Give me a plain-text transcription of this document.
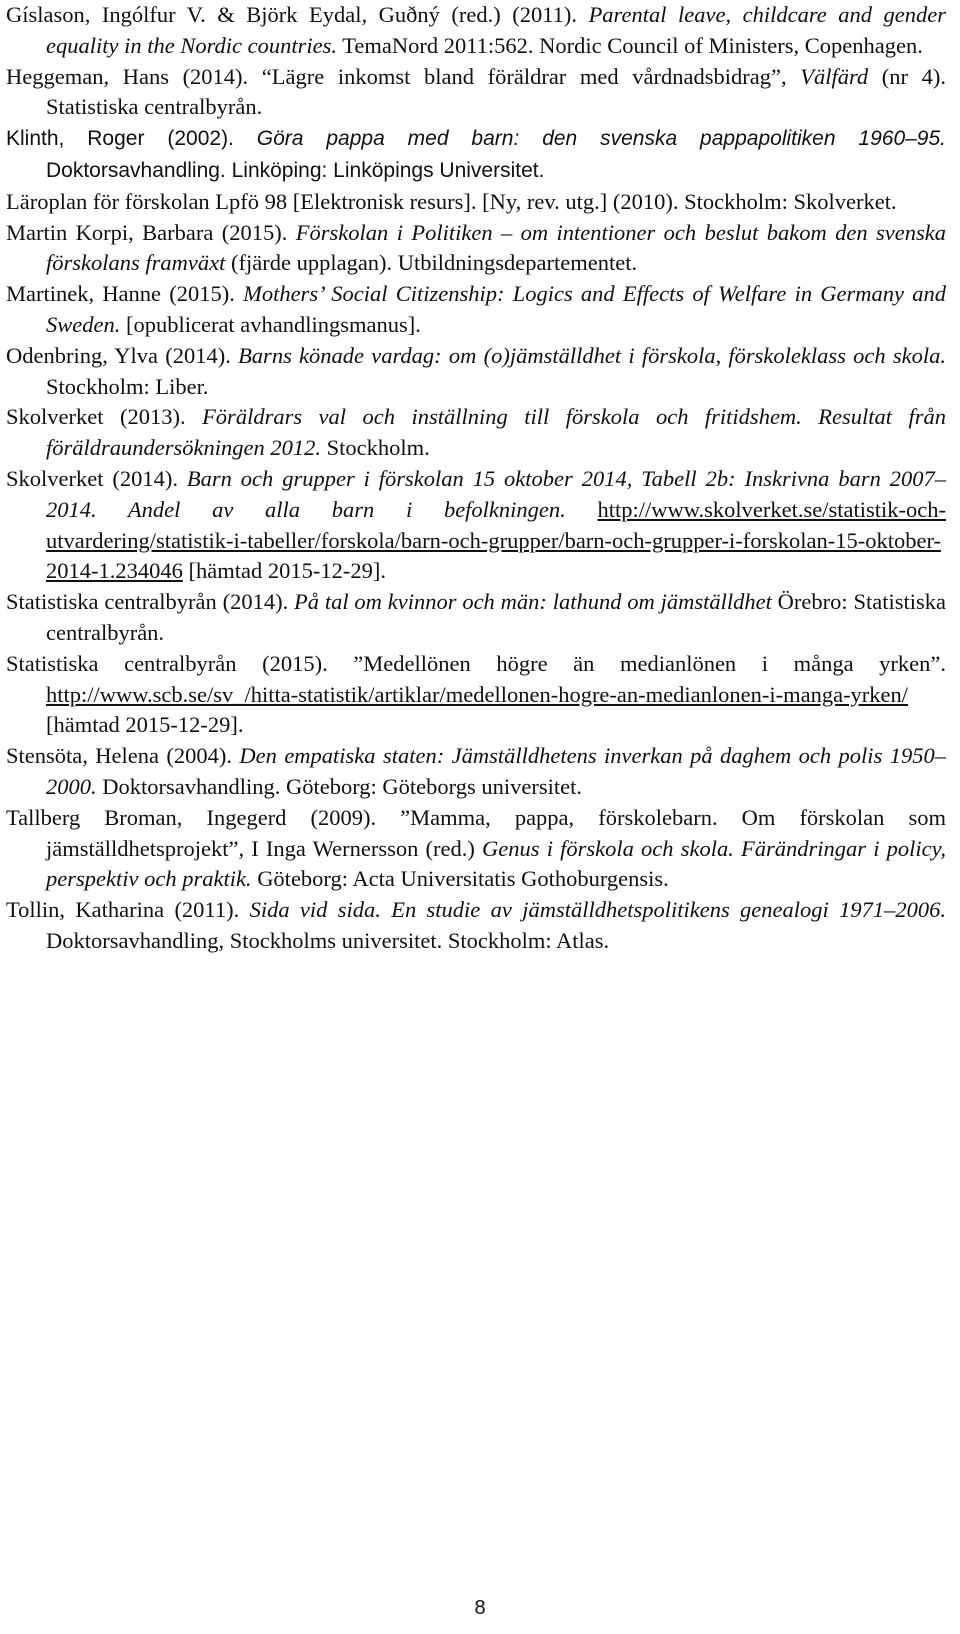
Gíslason, Ingólfur V. & Björk Eydal, Guðný (red.) (2011). Parental leave, childcare and gender equality in the Nordic countries. TemaNord 2011:562. Nordic Council of Ministers, Copenhagen.
Heggeman, Hans (2014). “Lägre inkomst bland föräldrar med vårdnadsbidrag”, Välfärd (nr 4). Statistiska centralbyrån.
Klinth, Roger (2002). Göra pappa med barn: den svenska pappapolitiken 1960–95. Doktorsavhandling. Linköping: Linköpings Universitet.
Läroplan för förskolan Lpfö 98 [Elektronisk resurs]. [Ny, rev. utg.] (2010). Stockholm: Skolverket.
Martin Korpi, Barbara (2015). Förskolan i Politiken – om intentioner och beslut bakom den svenska förskolans framväxt (fjärde upplagan). Utbildningsdepartementet.
Martinek, Hanne (2015). Mothers’ Social Citizenship: Logics and Effects of Welfare in Germany and Sweden. [opublicerat avhandlingsmanus].
Odenbring, Ylva (2014). Barns könade vardag: om (o)jämställdhet i förskola, förskoleklass och skola. Stockholm: Liber.
Skolverket (2013). Föräldrars val och inställning till förskola och fritidshem. Resultat från föräldraundersökningen 2012. Stockholm.
Skolverket (2014). Barn och grupper i förskolan 15 oktober 2014, Tabell 2b: Inskrivna barn 2007–2014. Andel av alla barn i befolkningen. http://www.skolverket.se/statistik-och-utvardering/statistik-i-tabeller/forskola/barn-och-grupper/barn-och-grupper-i-forskolan-15-oktober-2014-1.234046 [hämtad 2015-12-29].
Statistiska centralbyrån (2014). På tal om kvinnor och män: lathund om jämställdhet Örebro: Statistiska centralbyrån.
Statistiska centralbyrån (2015). ”Medellönen högre än medianlönen i många yrken”. http://www.scb.se/sv_/hitta-statistik/artiklar/medellonen-hogre-an-medianlonen-i-manga-yrken/ [hämtad 2015-12-29].
Stensöta, Helena (2004). Den empatiska staten: Jämställdhetens inverkan på daghem och polis 1950–2000. Doktorsavhandling. Göteborg: Göteborgs universitet.
Tallberg Broman, Ingegerd (2009). ”Mamma, pappa, förskolebarn. Om förskolan som jämställdhetsprojekt”, I Inga Wernersson (red.) Genus i förskola och skola. Färändringar i policy, perspektiv och praktik. Göteborg: Acta Universitatis Gothoburgensis.
Tollin, Katharina (2011). Sida vid sida. En studie av jämställdhetspolitikens genealogi 1971–2006. Doktorsavhandling, Stockholms universitet. Stockholm: Atlas.
8
